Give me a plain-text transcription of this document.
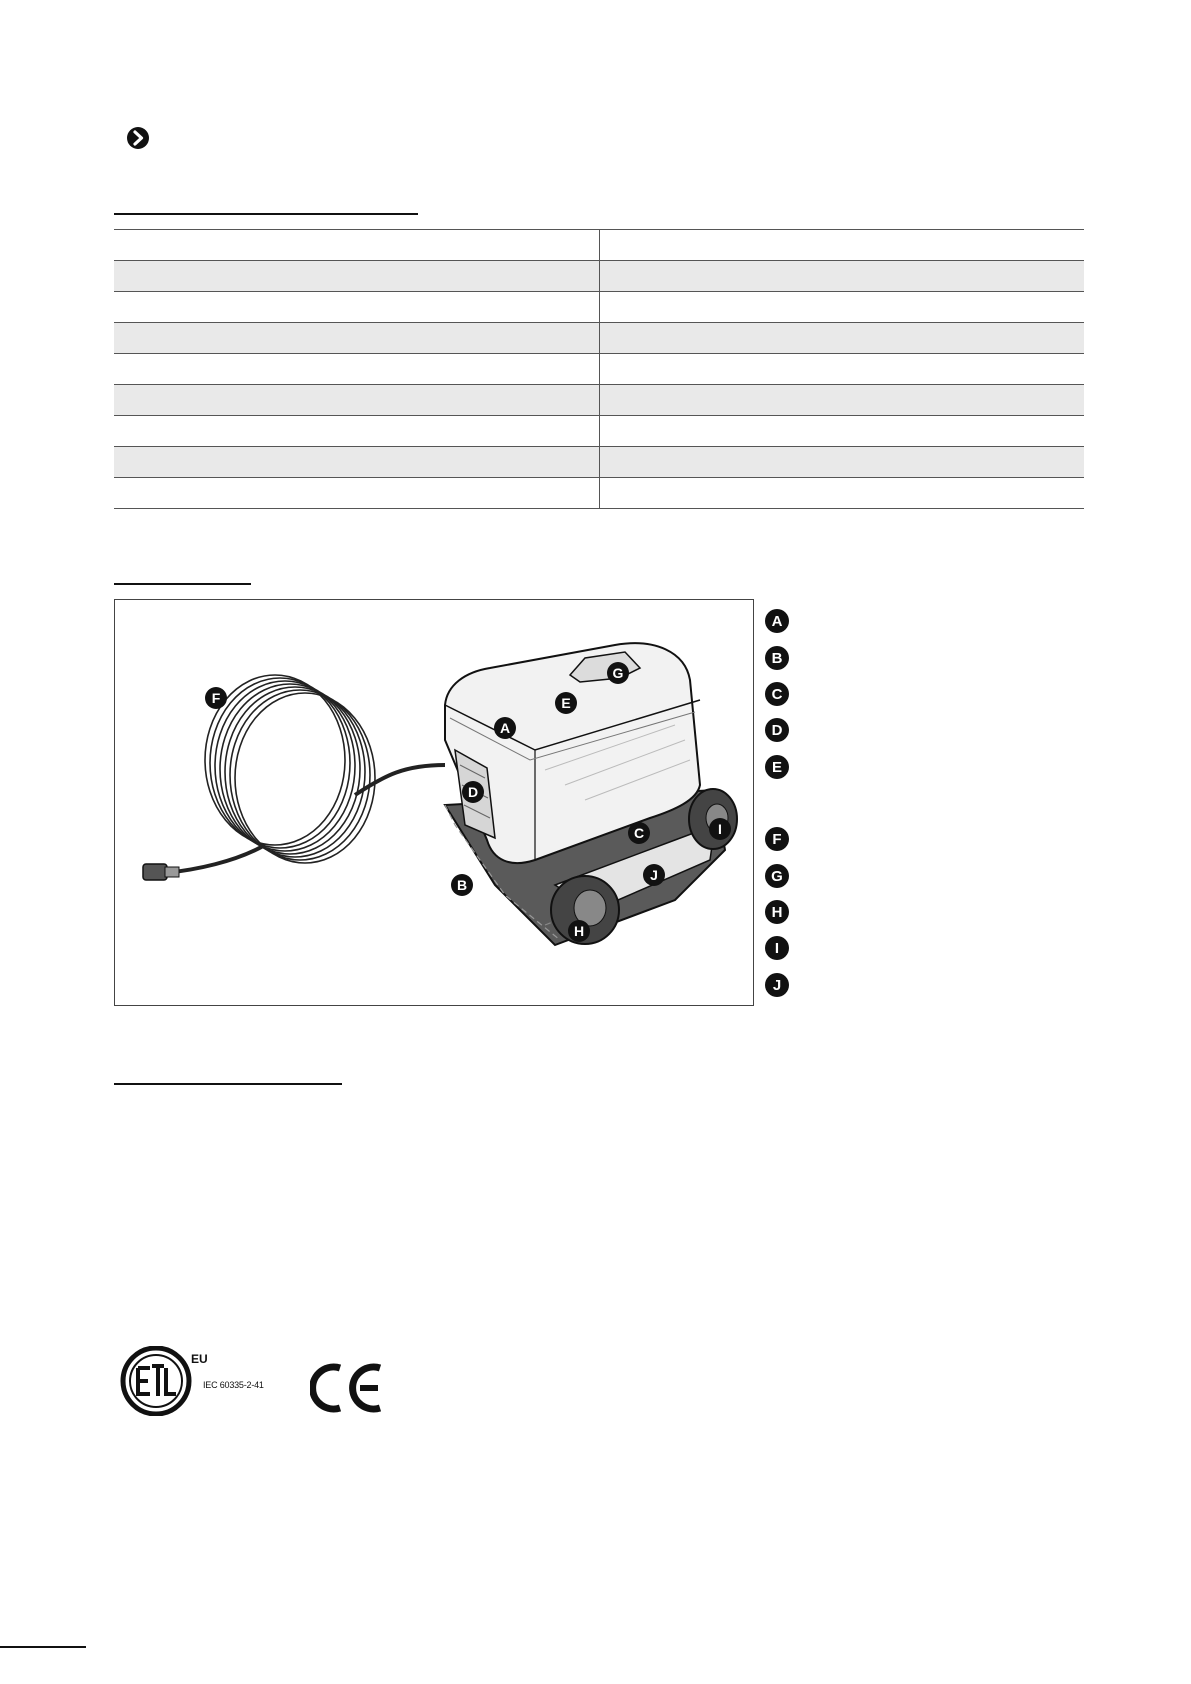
F
A
E
G
D
C	I
J
B
H
A
B
C
D
E
F
G
H
I
J
EU
IEC 60335-2-41
